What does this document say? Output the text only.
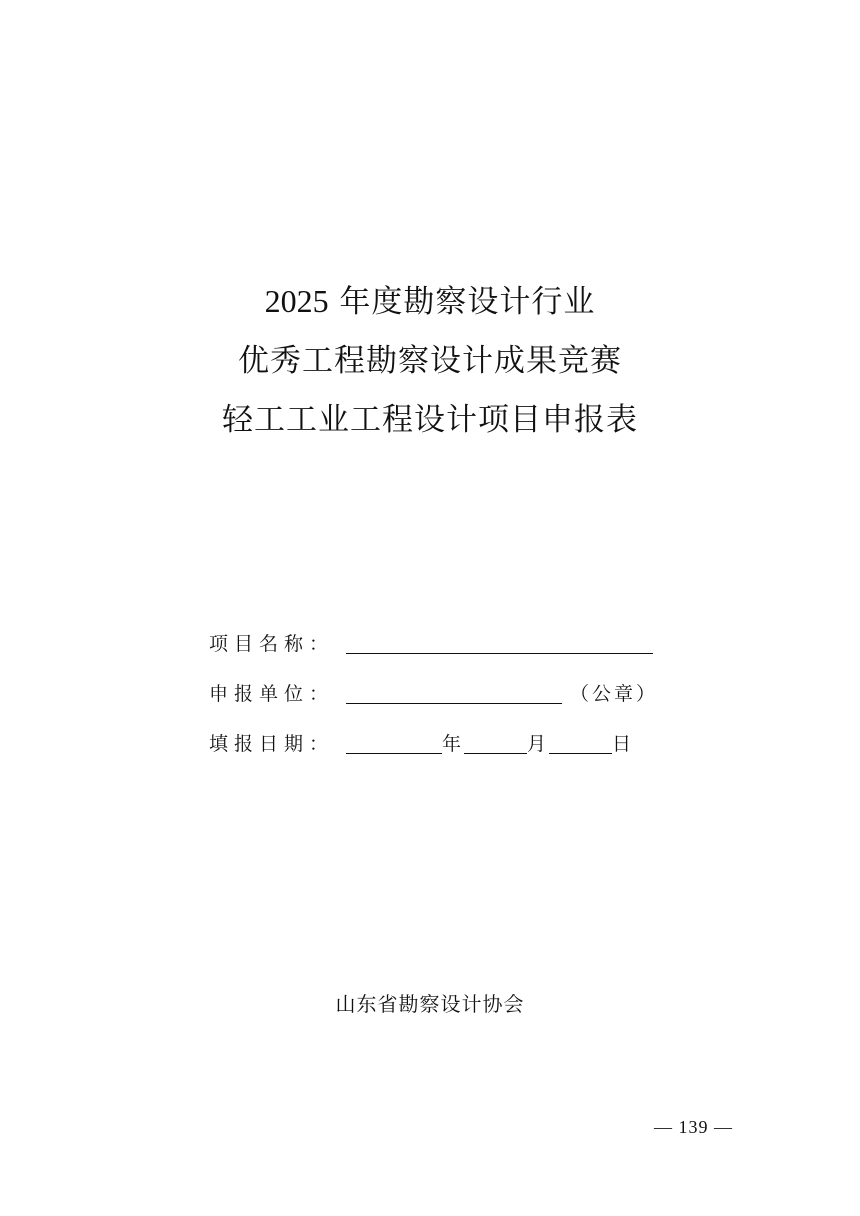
2025 年度勘察设计行业
优秀工程勘察设计成果竞赛
轻工工业工程设计项目申报表
项目名称：
申报单位：	（公章）
填报日期：	年	月	日
山东省勘察设计协会
— 139 —
